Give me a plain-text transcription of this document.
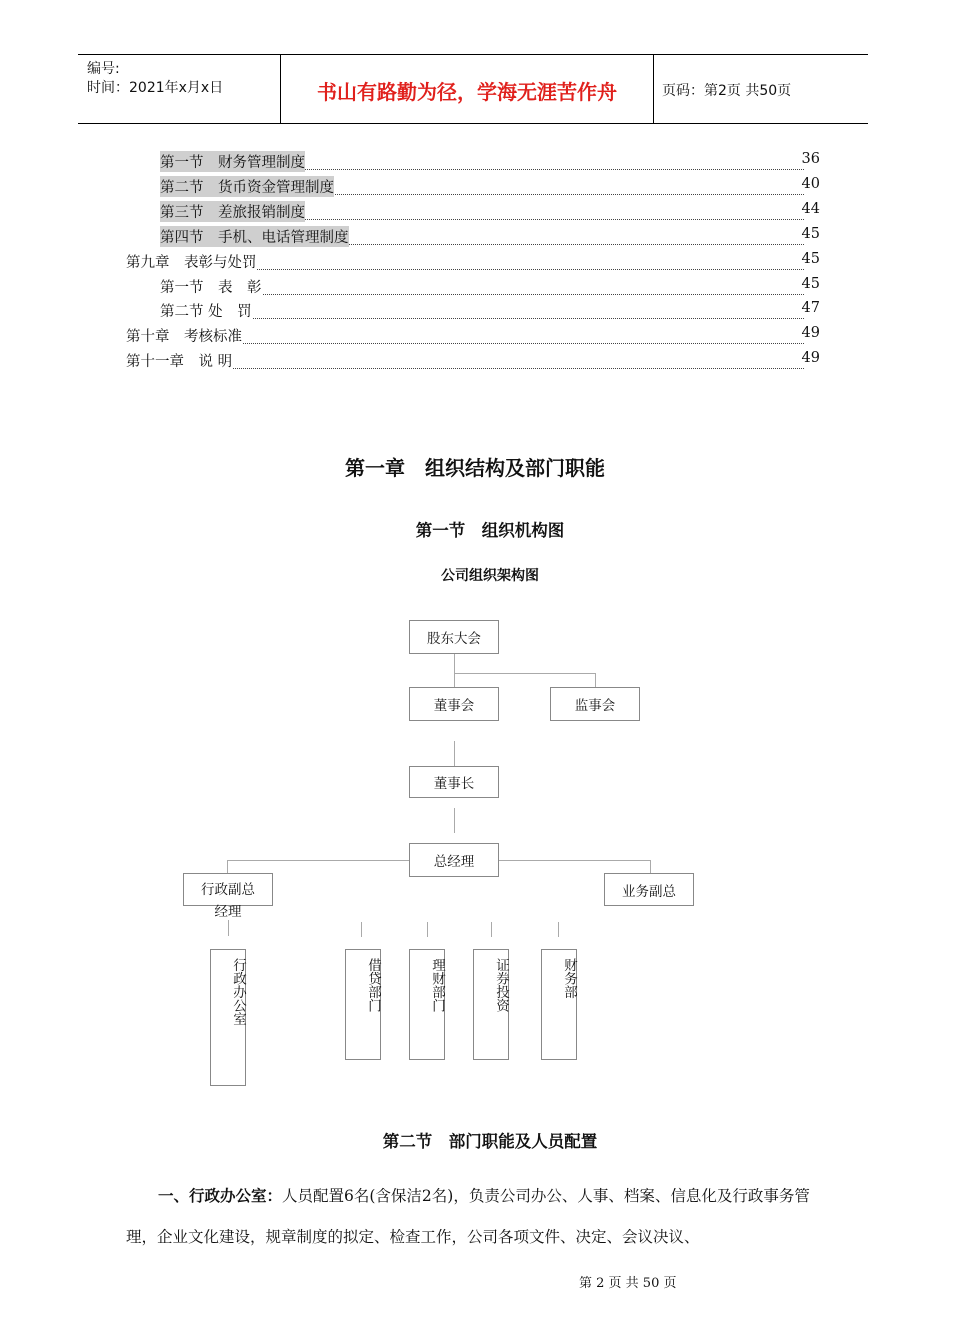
编号:
时间：2021年x月x日	书山有路勤为径，学海无涯苦作舟	页码：第2页 共50页
第一节　财务管理制度	36
第二节　货币资金管理制度	40
第三节　差旅报销制度	44
第四节　手机、电话管理制度	45
第九章　表彰与处罚	45
第一节　表　彰	45
第二节 处　罚	47
第十章　考核标准	49
第十一章　说 明	49
第一章　组织结构及部门职能
第一节　组织机构图
公司组织架构图
股东大会
董事会	监事会
董事长
总经理
行政副总经理
业务副总
行政办公室	借贷部门	理财部门	证券投资	财务部
第二节　部门职能及人员配置
一、行政办公室：人员配置6名(含保洁2名)，负责公司办公、人事、档案、信息化及行政事务管理，企业文化建设，规章制度的拟定、检查工作，公司各项文件、决定、会议决议、
第 2 页 共 50 页
